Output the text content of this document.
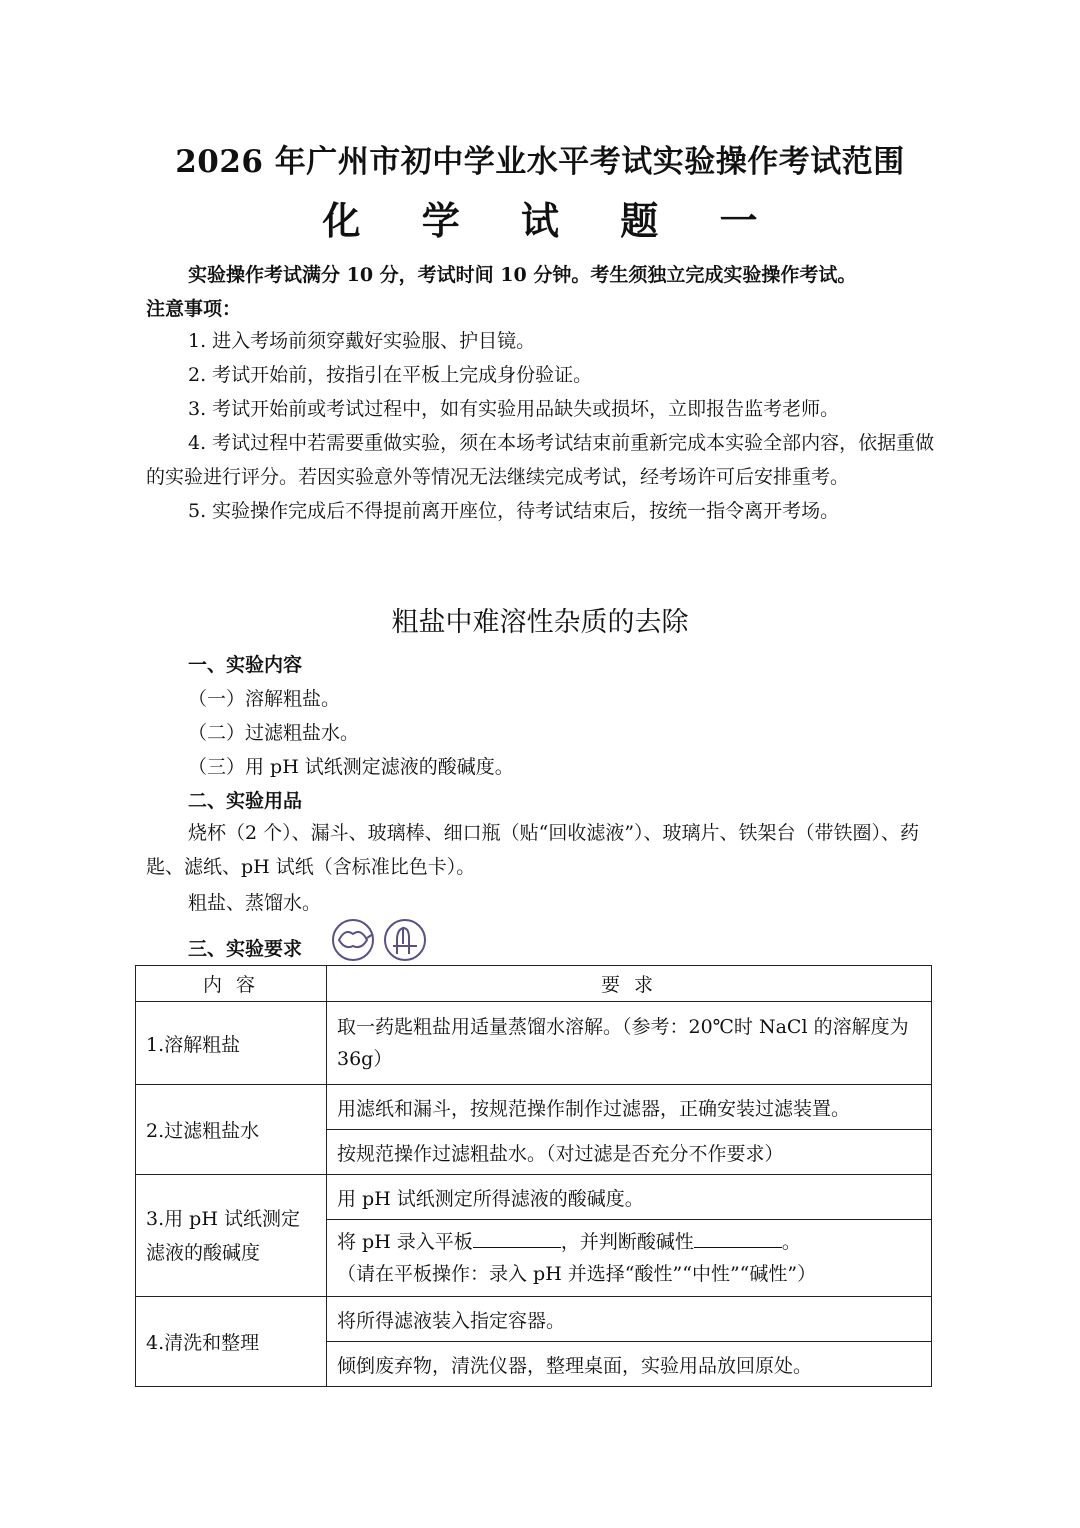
2026 年广州市初中学业水平考试实验操作考试范围
化 学 试 题 一
实验操作考试满分 10 分，考试时间 10 分钟。考生须独立完成实验操作考试。
注意事项：

1. 进入考场前须穿戴好实验服、护目镜。

2. 考试开始前，按指引在平板上完成身份验证。

3. 考试开始前或考试过程中，如有实验用品缺失或损坏，立即报告监考老师。

4. 考试过程中若需要重做实验，须在本场考试结束前重新完成本实验全部内容，依据重做的实验进行评分。若因实验意外等情况无法继续完成考试，经考场许可后安排重考。

5. 实验操作完成后不得提前离开座位，待考试结束后，按统一指令离开考场。

粗盐中难溶性杂质的去除
一、实验内容
（一）溶解粗盐。
（二）过滤粗盐水。
（三）用 pH 试纸测定滤液的酸碱度。
二、实验用品
烧杯（2 个）、漏斗、玻璃棒、细口瓶（贴“回收滤液”）、玻璃片、铁架台（带铁圈）、药匙、滤纸、pH 试纸（含标准比色卡）。
粗盐、蒸馏水。
三、实验要求
内 容	要 求
1.溶解粗盐	取一药匙粗盐用适量蒸馏水溶解。（参考：20℃时 NaCl 的溶解度为 36g）
2.过滤粗盐水	用滤纸和漏斗，按规范操作制作过滤器，正确安装过滤装置。
	按规范操作过滤粗盐水。（对过滤是否充分不作要求）
3.用 pH 试纸测定滤液的酸碱度	用 pH 试纸测定所得滤液的酸碱度。
	将 pH 录入平板 ，并判断酸碱性 。
（请在平板操作：录入 pH 并选择“酸性”“中性”“碱性”）
4.清洗和整理	将所得滤液装入指定容器。
	倾倒废弃物，清洗仪器，整理桌面，实验用品放回原处。
